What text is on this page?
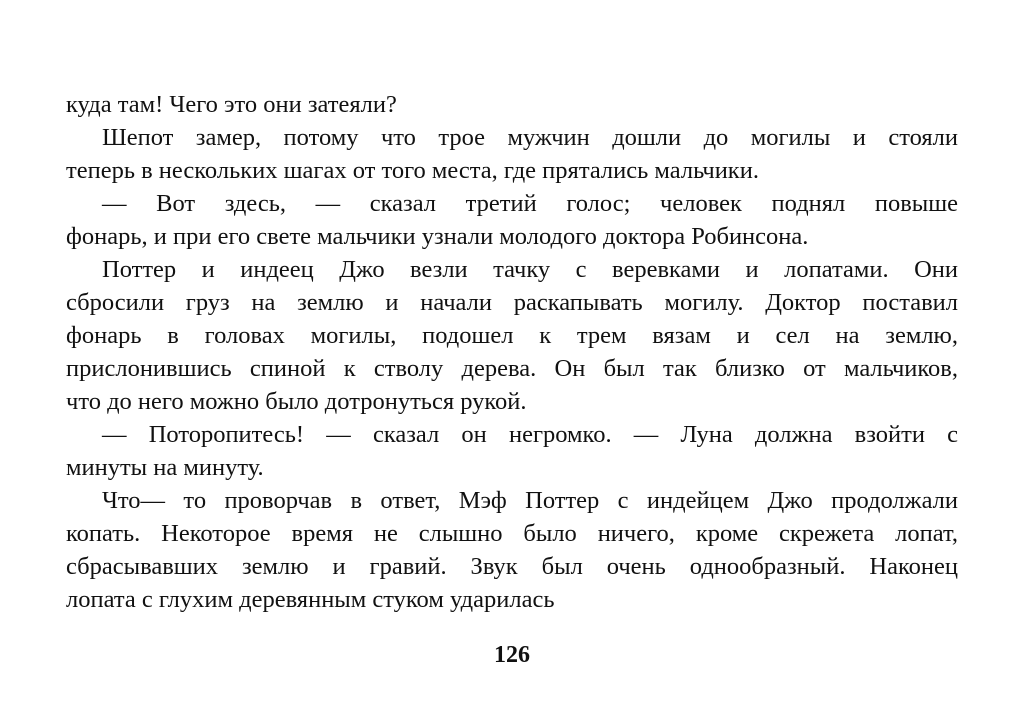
куда там! Чего это они затеяли?
Шепот замер, потому что трое мужчин дошли до могилы и стояли
теперь в нескольких шагах от того места, где прятались мальчики.
— Вот здесь, — сказал третий голос; человек поднял повыше
фонарь, и при его свете мальчики узнали молодого доктора Робинсона.
Поттер и индеец Джо везли тачку с веревками и лопатами. Они
сбросили груз на землю и начали раскапывать могилу. Доктор поставил
фонарь в головах могилы, подошел к трем вязам и сел на землю,
прислонившись спиной к стволу дерева. Он был так близко от мальчиков,
что до него можно было дотронуться рукой.
— Поторопитесь! — сказал он негромко. — Луна должна взойти с
минуты на минуту.
Что— то проворчав в ответ, Мэф Поттер с индейцем Джо продолжали
копать. Некоторое время не слышно было ничего, кроме скрежета лопат,
сбрасывавших землю и гравий. Звук был очень однообразный. Наконец
лопата с глухим деревянным стуком ударилась
126
